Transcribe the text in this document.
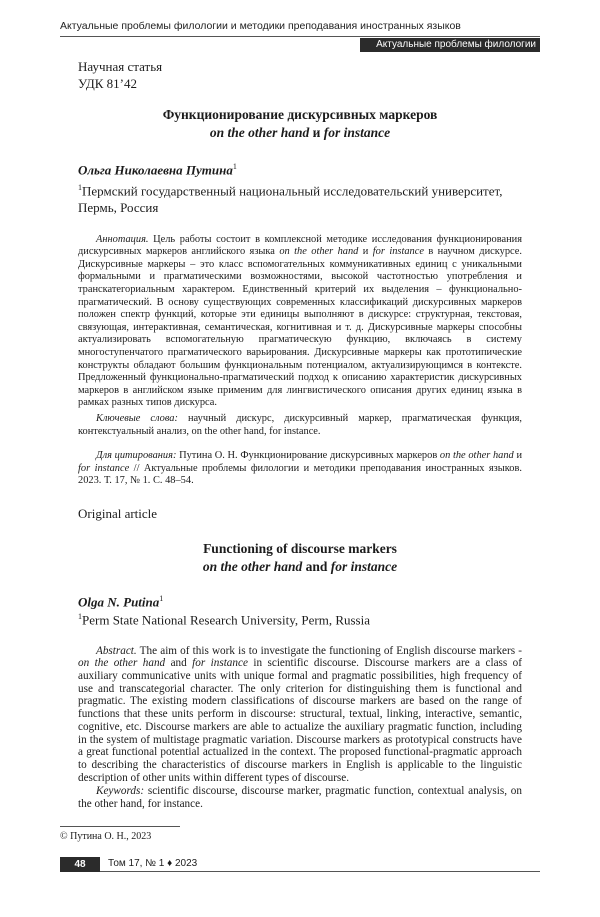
Актуальные проблемы филологии и методики преподавания иностранных языков
Актуальные проблемы филологии
Научная статья
УДК 81’42
Функционирование дискурсивных маркеров
on the other hand и for instance
Ольга Николаевна Путина$^1$
$^1$Пермский государственный национальный исследовательский университет, Пермь, Россия
Аннотация. Цель работы состоит в комплексной методике исследования функционирования дискурсивных маркеров английского языка on the other hand и for instance в научном дискурсе. Дискурсивные маркеры – это класс вспомогательных коммуникативных единиц с уникальными формальными и прагматическими возможностями, высокой частотностью употребления и транскатегориальным характером. Единственный критерий их выделения – функционально-прагматический. В основу существующих современных классификаций дискурсивных маркеров положен спектр функций, которые эти единицы выполняют в дискурсе: структурная, текстовая, связующая, интерактивная, семантическая, когнитивная и т. д. Дискурсивные маркеры способны актуализировать вспомогательную прагматическую функцию, включаясь в систему многоступенчатого прагматического варьирования. Дискурсивные маркеры как прототипические конструкты обладают большим функциональным потенциалом, актуализирующимся в контексте. Предложенный функционально-прагматический подход к описанию характеристик дискурсивных маркеров в английском языке применим для лингвистического описания других единиц языка в рамках разных типов дискурса.
Ключевые слова: научный дискурс, дискурсивный маркер, прагматическая функция, контекстуальный анализ, on the other hand, for instance.
Для цитирования: Путина О. Н. Функционирование дискурсивных маркеров on the other hand и for instance // Актуальные проблемы филологии и методики преподавания иностранных языков. 2023. Т. 17, № 1. С. 48–54.
Original article
Functioning of discourse markers
on the other hand and for instance
Olga N. Putina$^1$
$^1$Perm State National Research University, Perm, Russia
Abstract. The aim of this work is to investigate the functioning of English discourse markers - on the other hand and for instance in scientific discourse. Discourse markers are a class of auxiliary communicative units with unique formal and pragmatic possibilities, high frequency of use and transcategorial character. The only criterion for distinguishing them is functional and pragmatic. The existing modern classifications of discourse markers are based on the range of functions that these units perform in discourse: structural, textual, linking, interactive, semantic, cognitive, etc. Discourse markers are able to actualize the auxiliary pragmatic function, including in the system of multistage pragmatic variation. Discourse markers as prototypical constructs have a great functional potential actualized in the context. The proposed functional-pragmatic approach to describing the characteristics of discourse markers in English is applicable to the linguistic description of other units within different types of discourse.
Keywords: scientific discourse, discourse marker, pragmatic function, contextual analysis, on the other hand, for instance.
© Путина О. Н., 2023
48	Том 17, № 1 ♦ 2023
